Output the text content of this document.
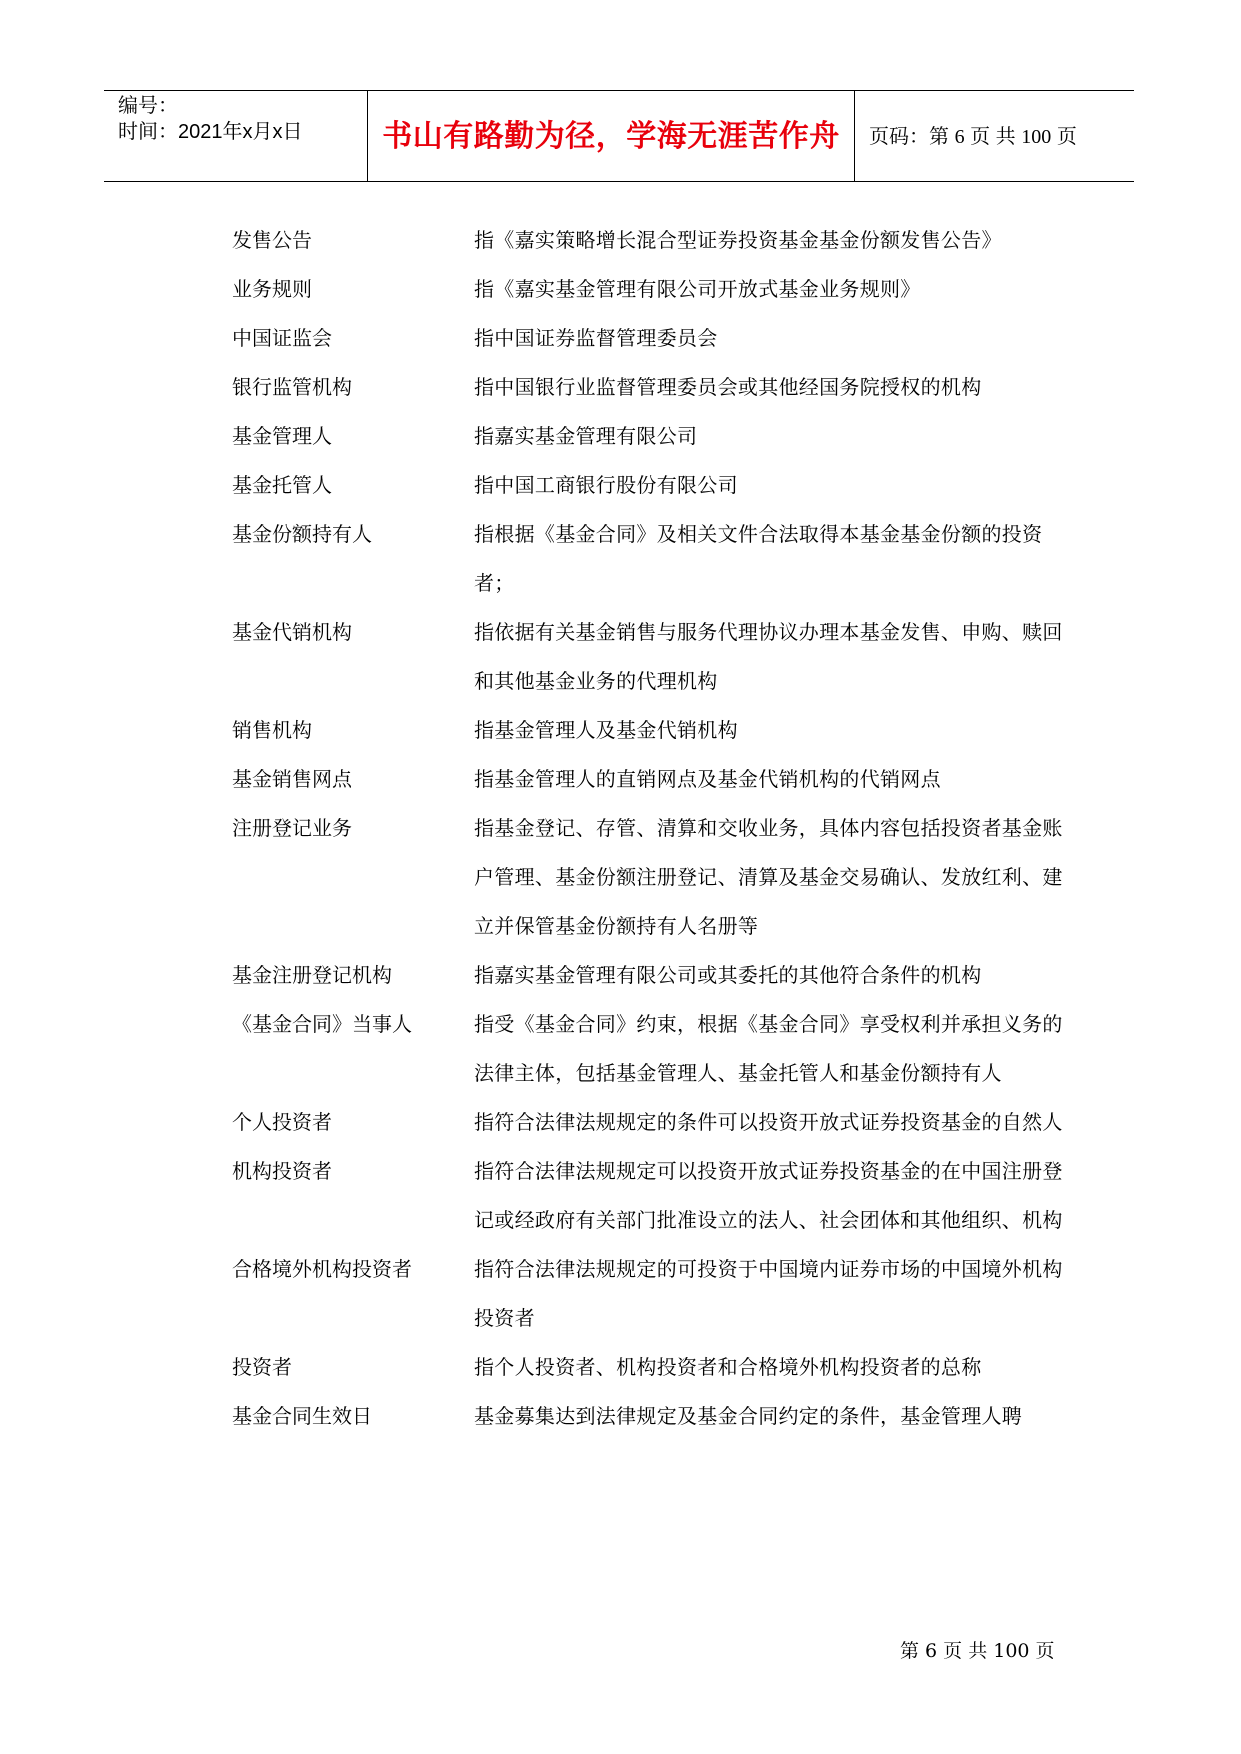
编号：
时间：2021年x月x日	书山有路勤为径，学海无涯苦作舟	页码：第 6 页 共 100 页
发售公告	指《嘉实策略增长混合型证券投资基金基金份额发售公告》
业务规则	指《嘉实基金管理有限公司开放式基金业务规则》
中国证监会	指中国证券监督管理委员会
银行监管机构	指中国银行业监督管理委员会或其他经国务院授权的机构
基金管理人	指嘉实基金管理有限公司
基金托管人	指中国工商银行股份有限公司
基金份额持有人	指根据《基金合同》及相关文件合法取得本基金基金份额的投资者；
基金代销机构	指依据有关基金销售与服务代理协议办理本基金发售、申购、赎回和其他基金业务的代理机构
销售机构	指基金管理人及基金代销机构
基金销售网点	指基金管理人的直销网点及基金代销机构的代销网点
注册登记业务	指基金登记、存管、清算和交收业务，具体内容包括投资者基金账户管理、基金份额注册登记、清算及基金交易确认、发放红利、建立并保管基金份额持有人名册等
基金注册登记机构	指嘉实基金管理有限公司或其委托的其他符合条件的机构
《基金合同》当事人	指受《基金合同》约束，根据《基金合同》享受权利并承担义务的法律主体，包括基金管理人、基金托管人和基金份额持有人
个人投资者	指符合法律法规规定的条件可以投资开放式证券投资基金的自然人
机构投资者	指符合法律法规规定可以投资开放式证券投资基金的在中国注册登记或经政府有关部门批准设立的法人、社会团体和其他组织、机构
合格境外机构投资者	指符合法律法规规定的可投资于中国境内证券市场的中国境外机构投资者
投资者	指个人投资者、机构投资者和合格境外机构投资者的总称
基金合同生效日	基金募集达到法律规定及基金合同约定的条件，基金管理人聘
第 6 页 共 100 页
